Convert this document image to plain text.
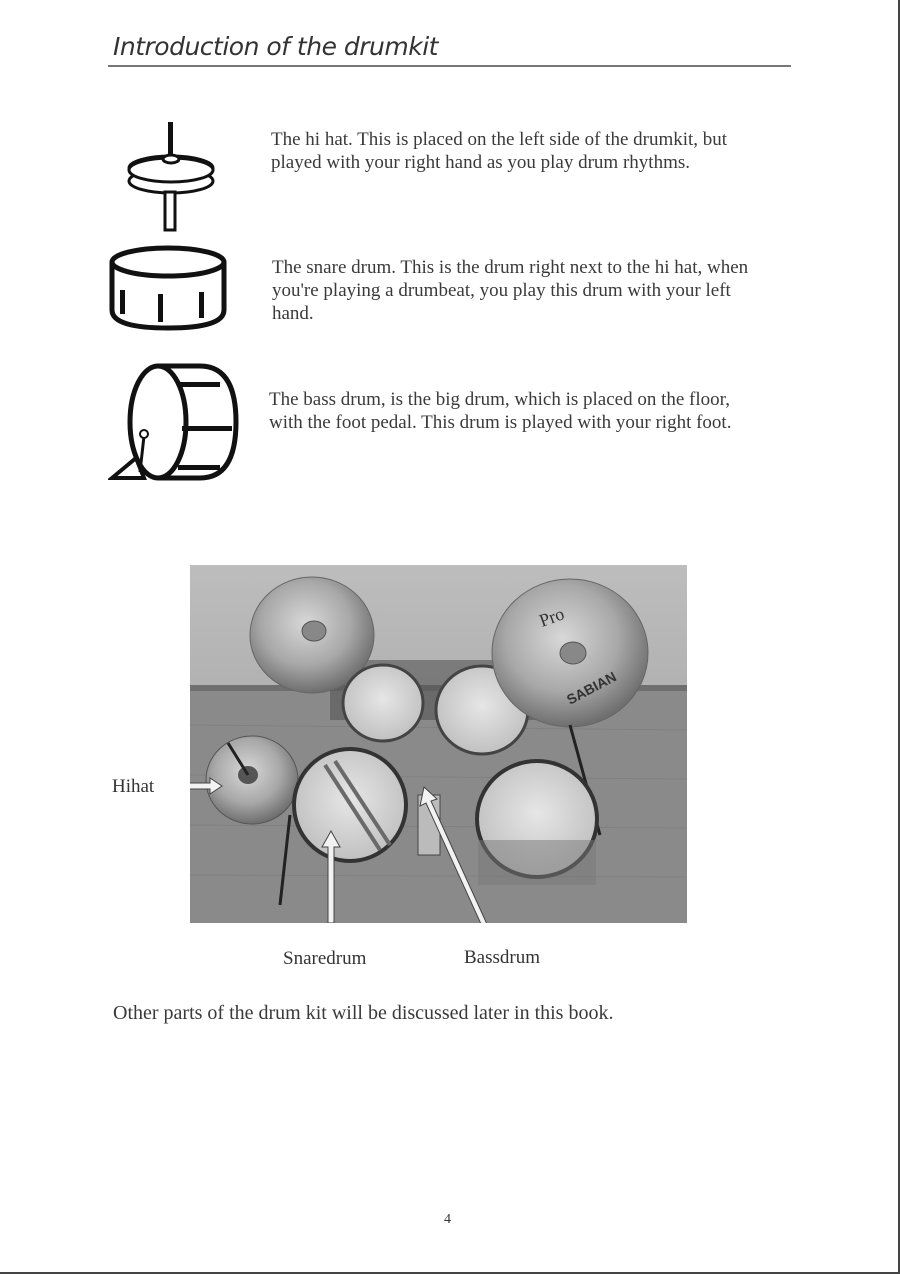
Introduction of the drumkit
The hi hat. This is placed on the left side of the drumkit, but played with your right hand as you play drum rhythms.
The snare drum. This is the drum right next to the hi hat, when you're playing a drumbeat, you play this drum with your left hand.
The bass drum, is the big drum, which is placed on the floor, with the foot pedal. This drum is played with your right foot.
Pro
SABIAN
Hihat
Snaredrum	Bassdrum
Other parts of the drum kit will be discussed later in this book.
4
